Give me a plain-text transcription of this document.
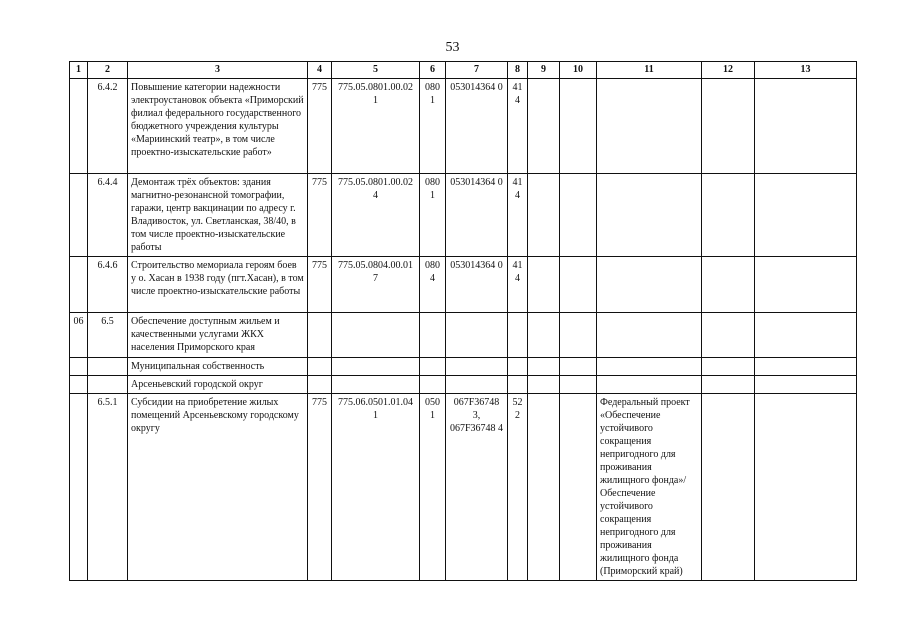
53
1	2	3	4	5	6	7	8	9	10	11	12	13
	6.4.2	Повышение категории надежности электроустановок объекта «Приморский филиал федерального государственного бюджетного учреждения культуры «Мариинский театр», в том числе проектно-изыскательские работ»	775	775.05.0801.00.02 1	080 1	053014364 0	41 4					
	6.4.4	Демонтаж трёх объектов: здания магнитно-резонансной томографии, гаражи, центр вакцинации по адресу г. Владивосток, ул. Светланская, 38/40, в том числе проектно-изыскательские работы	775	775.05.0801.00.02 4	080 1	053014364 0	41 4					
	6.4.6	Строительство мемориала героям боев у о. Хасан в 1938 году (пгт.Хасан), в том числе проектно-изыскательские работы	775	775.05.0804.00.01 7	080 4	053014364 0	41 4					
06	6.5	Обеспечение доступным жильем и качественными услугами ЖКХ населения Приморского края										
		Муниципальная собственность										
		Арсеньевский городской округ										
	6.5.1	Субсидии на приобретение жилых помещений Арсеньевскому городскому округу	775	775.06.0501.01.04 1	050 1	067F36748 3, 067F36748 4	52 2			Федеральный проект «Обеспечение устойчивого сокращения непригодного для проживания жилищного фонда»/ Обеспечение устойчивого сокращения непригодного для проживания жилищного фонда (Приморский край)		
